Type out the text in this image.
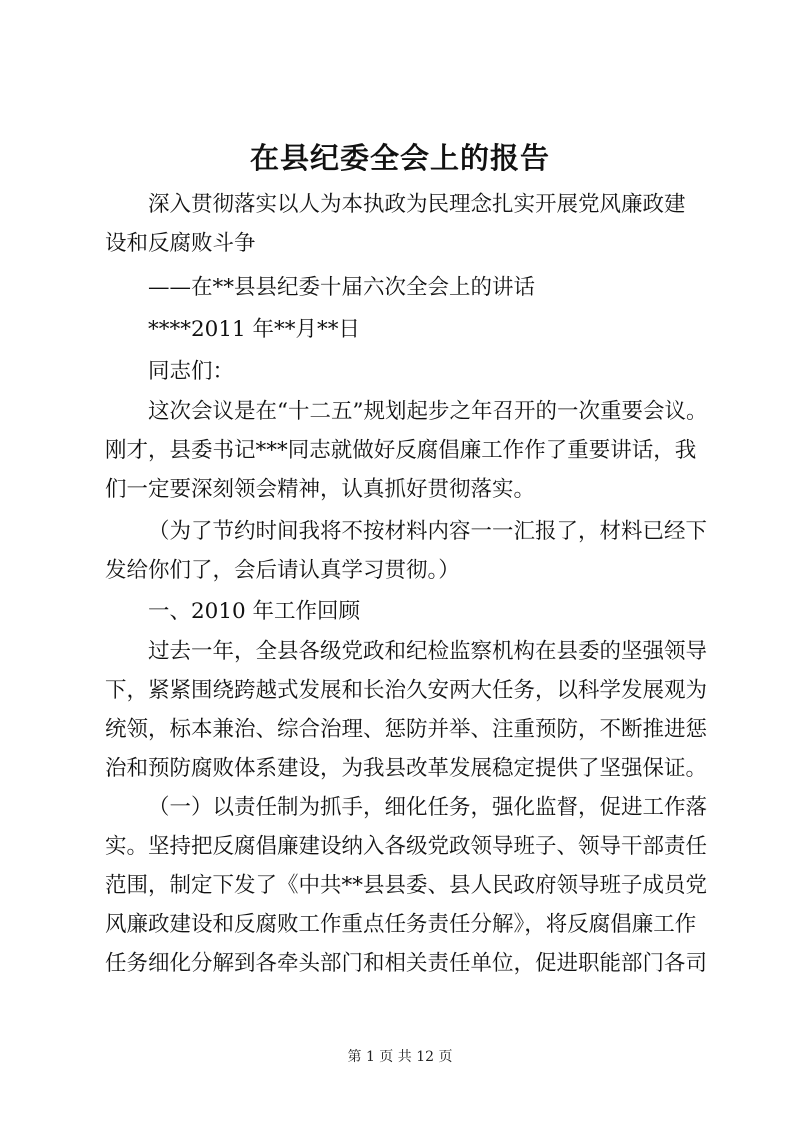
在县纪委全会上的报告
深入贯彻落实以人为本执政为民理念扎实开展党风廉政建
设和反腐败斗争
——在**县县纪委十届六次全会上的讲话
****2011 年**月**日
同志们：
这次会议是在“十二五”规划起步之年召开的一次重要会议。
刚才，县委书记***同志就做好反腐倡廉工作作了重要讲话，我
们一定要深刻领会精神，认真抓好贯彻落实。
（为了节约时间我将不按材料内容一一汇报了，材料已经下
发给你们了，会后请认真学习贯彻。）
一、2010 年工作回顾
过去一年，全县各级党政和纪检监察机构在县委的坚强领导
下，紧紧围绕跨越式发展和长治久安两大任务，以科学发展观为
统领，标本兼治、综合治理、惩防并举、注重预防，不断推进惩
治和预防腐败体系建设，为我县改革发展稳定提供了坚强保证。
（一）以责任制为抓手，细化任务，强化监督，促进工作落
实。坚持把反腐倡廉建设纳入各级党政领导班子、领导干部责任
范围，制定下发了《中共**县县委、县人民政府领导班子成员党
风廉政建设和反腐败工作重点任务责任分解》，将反腐倡廉工作
任务细化分解到各牵头部门和相关责任单位，促进职能部门各司
第 1 页 共 12 页
